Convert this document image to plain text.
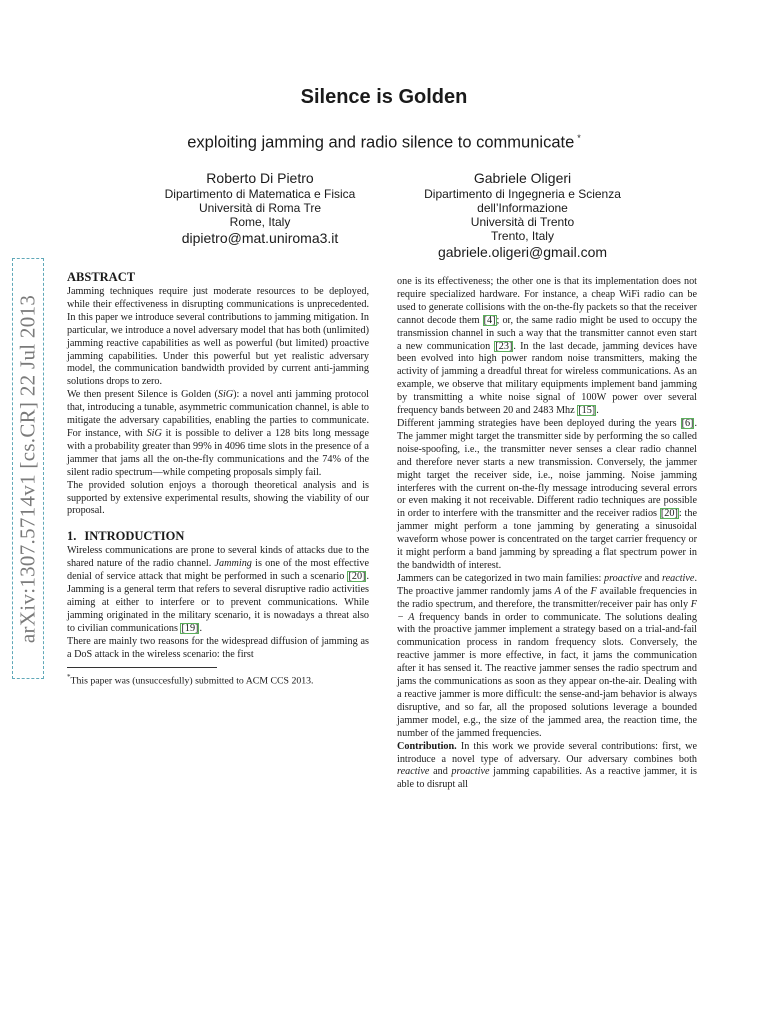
Silence is Golden
exploiting jamming and radio silence to communicate *
Roberto Di Pietro
Dipartimento di Matematica e Fisica
Università di Roma Tre
Rome, Italy
dipietro@mat.uniroma3.it
Gabriele Oligeri
Dipartimento di Ingegneria e Scienza
dell’Informazione
Università di Trento
Trento, Italy
gabriele.oligeri@gmail.com
arXiv:1307.5714v1 [cs.CR] 22 Jul 2013
ABSTRACT

Jamming techniques require just moderate resources to be deployed, while their effectiveness in disrupting communications is unprecedented. In this paper we introduce several contributions to jamming mitigation. In particular, we introduce a novel adversary model that has both (unlimited) jamming reactive capabilities as well as powerful (but limited) proactive jamming capabilities. Under this powerful but yet realistic adversary model, the communication bandwidth provided by current anti-jamming solutions drops to zero.

We then present Silence is Golden (SiG): a novel anti jamming protocol that, introducing a tunable, asymmetric communication channel, is able to mitigate the adversary capabilities, enabling the parties to communicate. For instance, with SiG it is possible to deliver a 128 bits long message with a probability greater than 99% in 4096 time slots in the presence of a jammer that jams all the on-the-fly communications and the 74% of the silent radio spectrum—while competing proposals simply fail.

The provided solution enjoys a thorough theoretical analysis and is supported by extensive experimental results, showing the viability of our proposal.

1. INTRODUCTION

Wireless communications are prone to several kinds of attacks due to the shared nature of the radio channel. Jamming is one of the most effective denial of service attack that might be performed in such a scenario [20]. Jamming is a general term that refers to several disruptive radio activities aiming at either to interfere or to prevent communications. While jamming originated in the military scenario, it is nowadays a threat also to civilian communications [19].

There are mainly two reasons for the widespread diffusion of jamming as a DoS attack in the wireless scenario: the first

*This paper was (unsuccesfully) submitted to ACM CCS 2013.

one is its effectiveness; the other one is that its implementation does not require specialized hardware. For instance, a cheap WiFi radio can be used to generate collisions with the on-the-fly packets so that the receiver cannot decode them [4]; or, the same radio might be used to occupy the transmission channel in such a way that the transmitter cannot even start a new communication [23]. In the last decade, jamming devices have been evolved into high power random noise transmitters, making the activity of jamming a dreadful threat for wireless communications. As an example, we observe that military equipments implement band jamming by transmitting a white noise signal of 100W power over several frequency bands between 20 and 2483 Mhz [15].

Different jamming strategies have been deployed during the years [6]. The jammer might target the transmitter side by performing the so called noise-spoofing, i.e., the transmitter never senses a clear radio channel and therefore never starts a new transmission. Conversely, the jammer might target the receiver side, i.e., noise jamming. Noise jamming interferes with the current on-the-fly message introducing several errors or even making it not receivable. Different radio techniques are possible in order to interfere with the transmitter and the receiver radios [20]: the jammer might perform a tone jamming by generating a sinusoidal waveform whose power is concentrated on the target carrier frequency or it might perform a band jamming by spreading a flat spectrum power in the bandwidth of interest.

Jammers can be categorized in two main families: proactive and reactive. The proactive jammer randomly jams A of the F available frequencies in the radio spectrum, and therefore, the transmitter/receiver pair has only F − A frequency bands in order to communicate. The solutions dealing with the proactive jammer implement a strategy based on a trial-and-fail communication process in random frequency slots. Conversely, the reactive jammer is more effective, in fact, it jams the communication after it has sensed it. The reactive jammer senses the radio spectrum and jams the communications as soon as they appear on-the-air. Dealing with a reactive jammer is more difficult: the sense-and-jam behavior is always disruptive, and so far, all the proposed solutions leverage a bounded jammer model, e.g., the size of the jammed area, the reaction time, the number of the jammed frequencies.

Contribution. In this work we provide several contributions: first, we introduce a novel type of adversary. Our adversary combines both reactive and proactive jamming capabilities. As a reactive jammer, it is able to disrupt all
